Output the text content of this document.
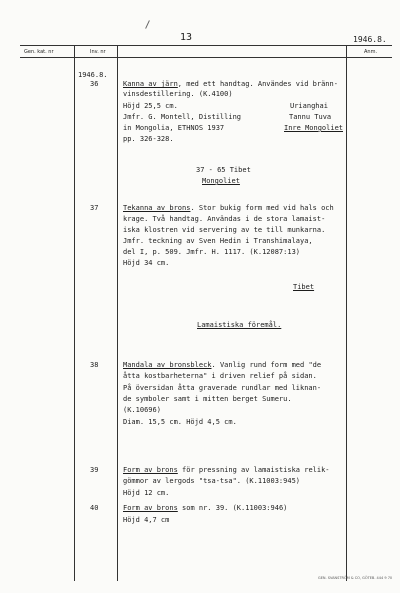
13	1946.8.
Gen. kat. nr	Inv. nr	Anm.
1946.8.
36	Kanna av järn, med ett handtag. Användes vid bränn-
vinsdestillering. (K.4100)
Höjd 25,5 cm.	Urianghai
Jmfr. G. Montell, Distilling	Tannu Tuva
in Mongolia, ETHNOS 1937	Inre Mongoliet
pp. 326-328.
37 - 65 Tibet
Mongoliet
37	Tekanna av brons. Stor bukig form med vid hals och
krage. Två handtag. Användas i de stora lamaist-
iska klostren vid servering av te till munkarna.
Jmfr. teckning av Sven Hedin i Transhimalaya,
del I, p. 509. Jmfr. H. 1117. (K.12087:13)
Höjd 34 cm.
Tibet
Lamaistiska föremål.
38	Mandala av bronsbleck. Vanlig rund form med "de
åtta kostbarheterna" i driven relief på sidan.
På översidan åtta graverade rundlar med liknan-
de symboler samt i mitten berget Sumeru.
(K.10696)
Diam. 15,5 cm. Höjd 4,5 cm.
39	Form av brons för pressning av lamaistiska relik-
gömmor av lergods "tsa-tsa". (K.11003:945)
Höjd 12 cm.
40	Form av brons som nr. 39. (K.11003:946)
Höjd 4,7 cm
GEN. SVANSTRÖM & CO, GÖTEB. 444 9 70
